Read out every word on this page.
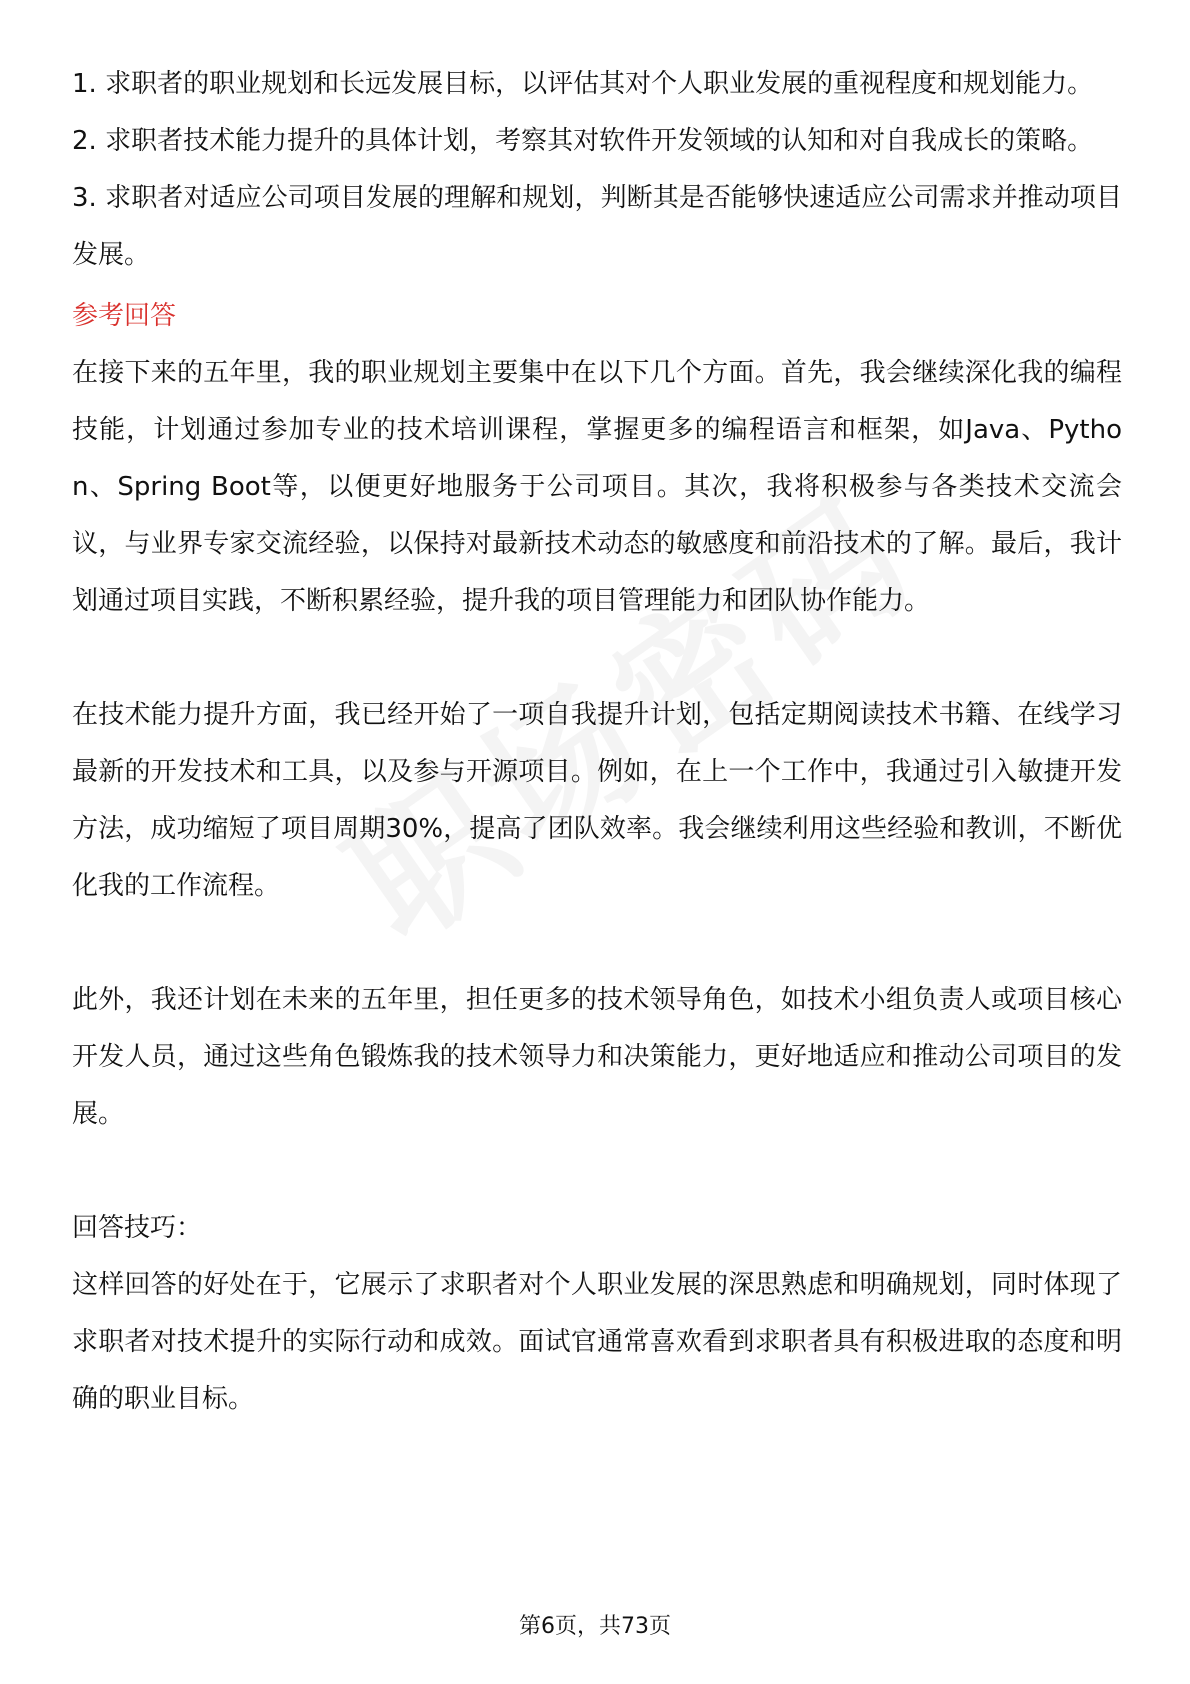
1. 求职者的职业规划和长远发展目标，以评估其对个人职业发展的重视程度和规划能力。

2. 求职者技术能力提升的具体计划，考察其对软件开发领域的认知和对自我成长的策略。

3. 求职者对适应公司项目发展的理解和规划，判断其是否能够快速适应公司需求并推动项目发展。

参考回答

在接下来的五年里，我的职业规划主要集中在以下几个方面。首先，我会继续深化我的编程技能，计划通过参加专业的技术培训课程，掌握更多的编程语言和框架，如Java、Python、Spring Boot等，以便更好地服务于公司项目。其次，我将积极参与各类技术交流会议，与业界专家交流经验，以保持对最新技术动态的敏感度和前沿技术的了解。最后，我计划通过项目实践，不断积累经验，提升我的项目管理能力和团队协作能力。

在技术能力提升方面，我已经开始了一项自我提升计划，包括定期阅读技术书籍、在线学习最新的开发技术和工具，以及参与开源项目。例如，在上一个工作中，我通过引入敏捷开发方法，成功缩短了项目周期30%，提高了团队效率。我会继续利用这些经验和教训，不断优化我的工作流程。

此外，我还计划在未来的五年里，担任更多的技术领导角色，如技术小组负责人或项目核心开发人员，通过这些角色锻炼我的技术领导力和决策能力，更好地适应和推动公司项目的发展。

回答技巧：

这样回答的好处在于，它展示了求职者对个人职业发展的深思熟虑和明确规划，同时体现了求职者对技术提升的实际行动和成效。面试官通常喜欢看到求职者具有积极进取的态度和明确的职业目标。

第6页，共73页
